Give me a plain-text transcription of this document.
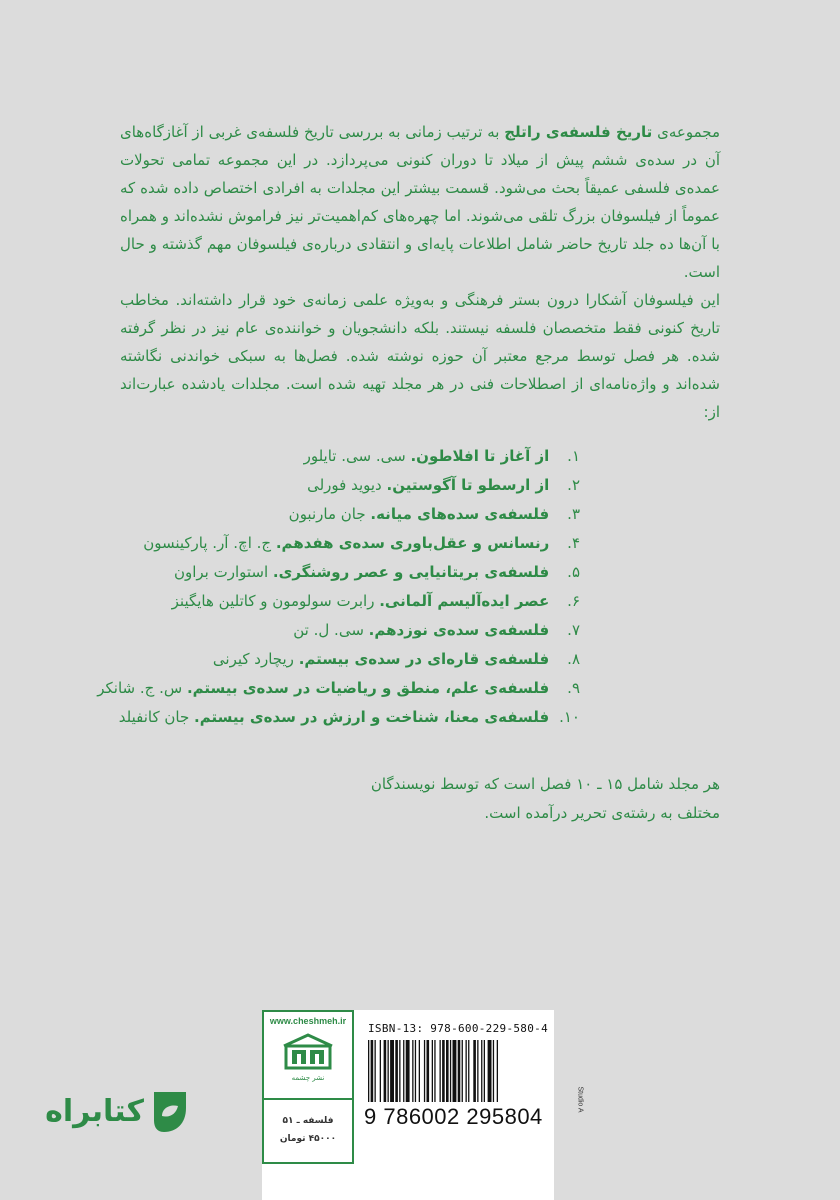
مجموعه‌ی تاریخ فلسفه‌ی راتلج به ترتیب زمانی به بررسی تاریخ فلسفه‌ی غربی از آغازگاه‌های آن در سده‌ی ششم پیش از میلاد تا دوران کنونی می‌پردازد. در این مجموعه تمامی تحولات عمده‌ی فلسفی عمیقاً بحث می‌شود. قسمت بیشتر این مجلدات به افرادی اختصاص داده شده که عموماً از فیلسوفان بزرگ تلقی می‌شوند. اما چهره‌های کم‌اهمیت‌تر نیز فراموش نشده‌اند و همراه با آن‌ها ده جلد تاریخ حاضر شامل اطلاعات پایه‌ای و انتقادی درباره‌ی فیلسوفان مهم گذشته و حال است.

این فیلسوفان آشکارا درون بستر فرهنگی و به‌ویژه علمی زمانه‌ی خود قرار داشته‌اند. مخاطب تاریخ کنونی فقط متخصصان فلسفه نیستند. بلکه دانشجویان و خواننده‌ی عام نیز در نظر گرفته شده. هر فصل توسط مرجع معتبر آن حوزه نوشته شده. فصل‌ها به سبکی خواندنی نگاشته شده‌اند و واژه‌نامه‌ای از اصطلاحات فنی در هر مجلد تهیه شده است. مجلدات یادشده عبارت‌اند از:

۱. از آغاز تا افلاطون. سی. سی. تایلور
۲. از ارسطو تا آگوستین. دیوید فورلی
۳. فلسفه‌ی سده‌های میانه. جان مارنبون
۴. رنسانس و عقل‌باوری سده‌ی هفدهم. ج. اچ. آر. پارکینسون
۵. فلسفه‌ی بریتانیایی و عصر روشنگری. استوارت براون
۶. عصر ایده‌آلیسم آلمانی. رابرت سولومون و کاتلین هایگینز
۷. فلسفه‌ی سده‌ی نوزدهم. سی. ل. تن
۸. فلسفه‌ی قاره‌ای در سده‌ی بیستم. ریچارد کیرنی
۹. فلسفه‌ی علم، منطق و ریاضیات در سده‌ی بیستم. س. ج. شانکر
۱۰. فلسفه‌ی معنا، شناخت و ارزش در سده‌ی بیستم. جان کانفیلد

هر مجلد شامل ۱۵ ـ ۱۰ فصل است که توسط نویسندگان مختلف به رشته‌ی تحریر درآمده است.

www.cheshmeh.ir
نشر چشمه
فلسفه ـ ۵۱
۴۵۰۰۰ تومان
ISBN-13: 978-600-229-580-4
9 786002 295804
Studio A
کتابراه
